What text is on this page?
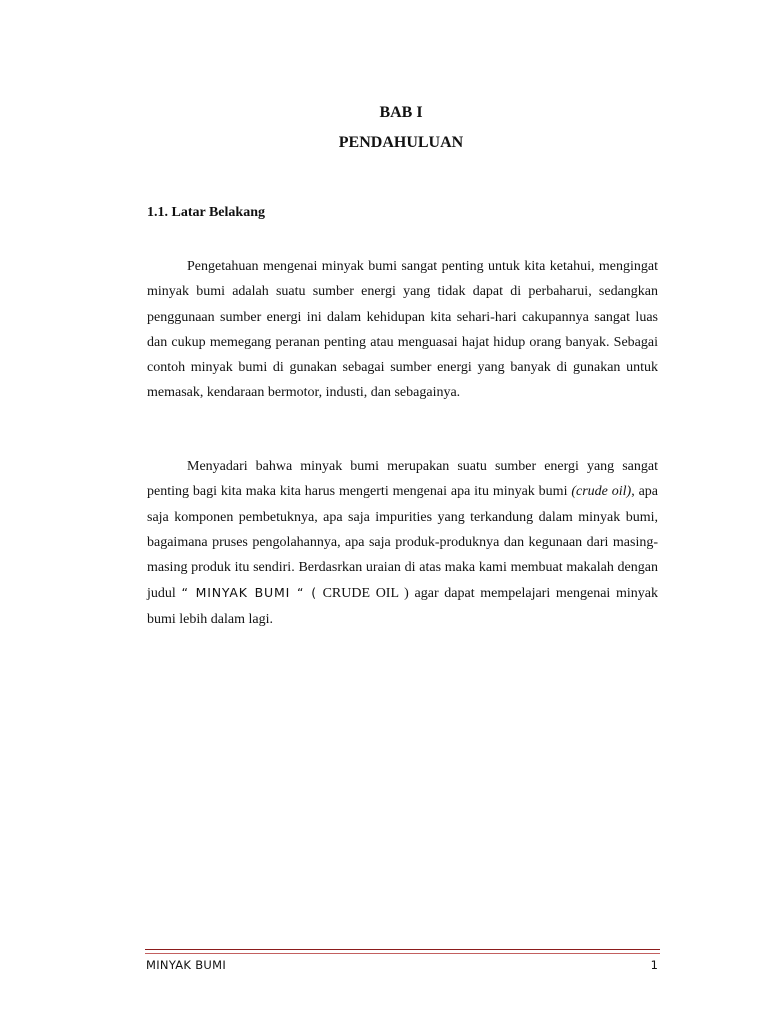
BAB I
PENDAHULUAN
1.1. Latar Belakang

Pengetahuan mengenai minyak bumi sangat penting untuk kita ketahui, mengingat minyak bumi adalah suatu sumber energi yang tidak dapat di perbaharui, sedangkan penggunaan sumber energi ini dalam kehidupan kita sehari-hari cakupannya sangat luas dan cukup memegang peranan penting atau menguasai hajat hidup orang banyak. Sebagai contoh minyak bumi di gunakan sebagai sumber energi yang banyak di gunakan untuk memasak, kendaraan bermotor, industi, dan sebagainya.

Menyadari bahwa minyak bumi merupakan suatu sumber energi yang sangat penting bagi kita maka kita harus mengerti mengenai apa itu minyak bumi (crude oil), apa saja komponen pembetuknya, apa saja impurities yang terkandung dalam minyak bumi, bagaimana pruses pengolahannya, apa saja produk-produknya dan kegunaan dari masing-masing produk itu sendiri. Berdasrkan uraian di atas maka kami membuat makalah dengan judul “ MINYAK BUMI “ ( CRUDE OIL ) agar dapat mempelajari mengenai minyak bumi lebih dalam lagi.

MINYAK BUMI	1
